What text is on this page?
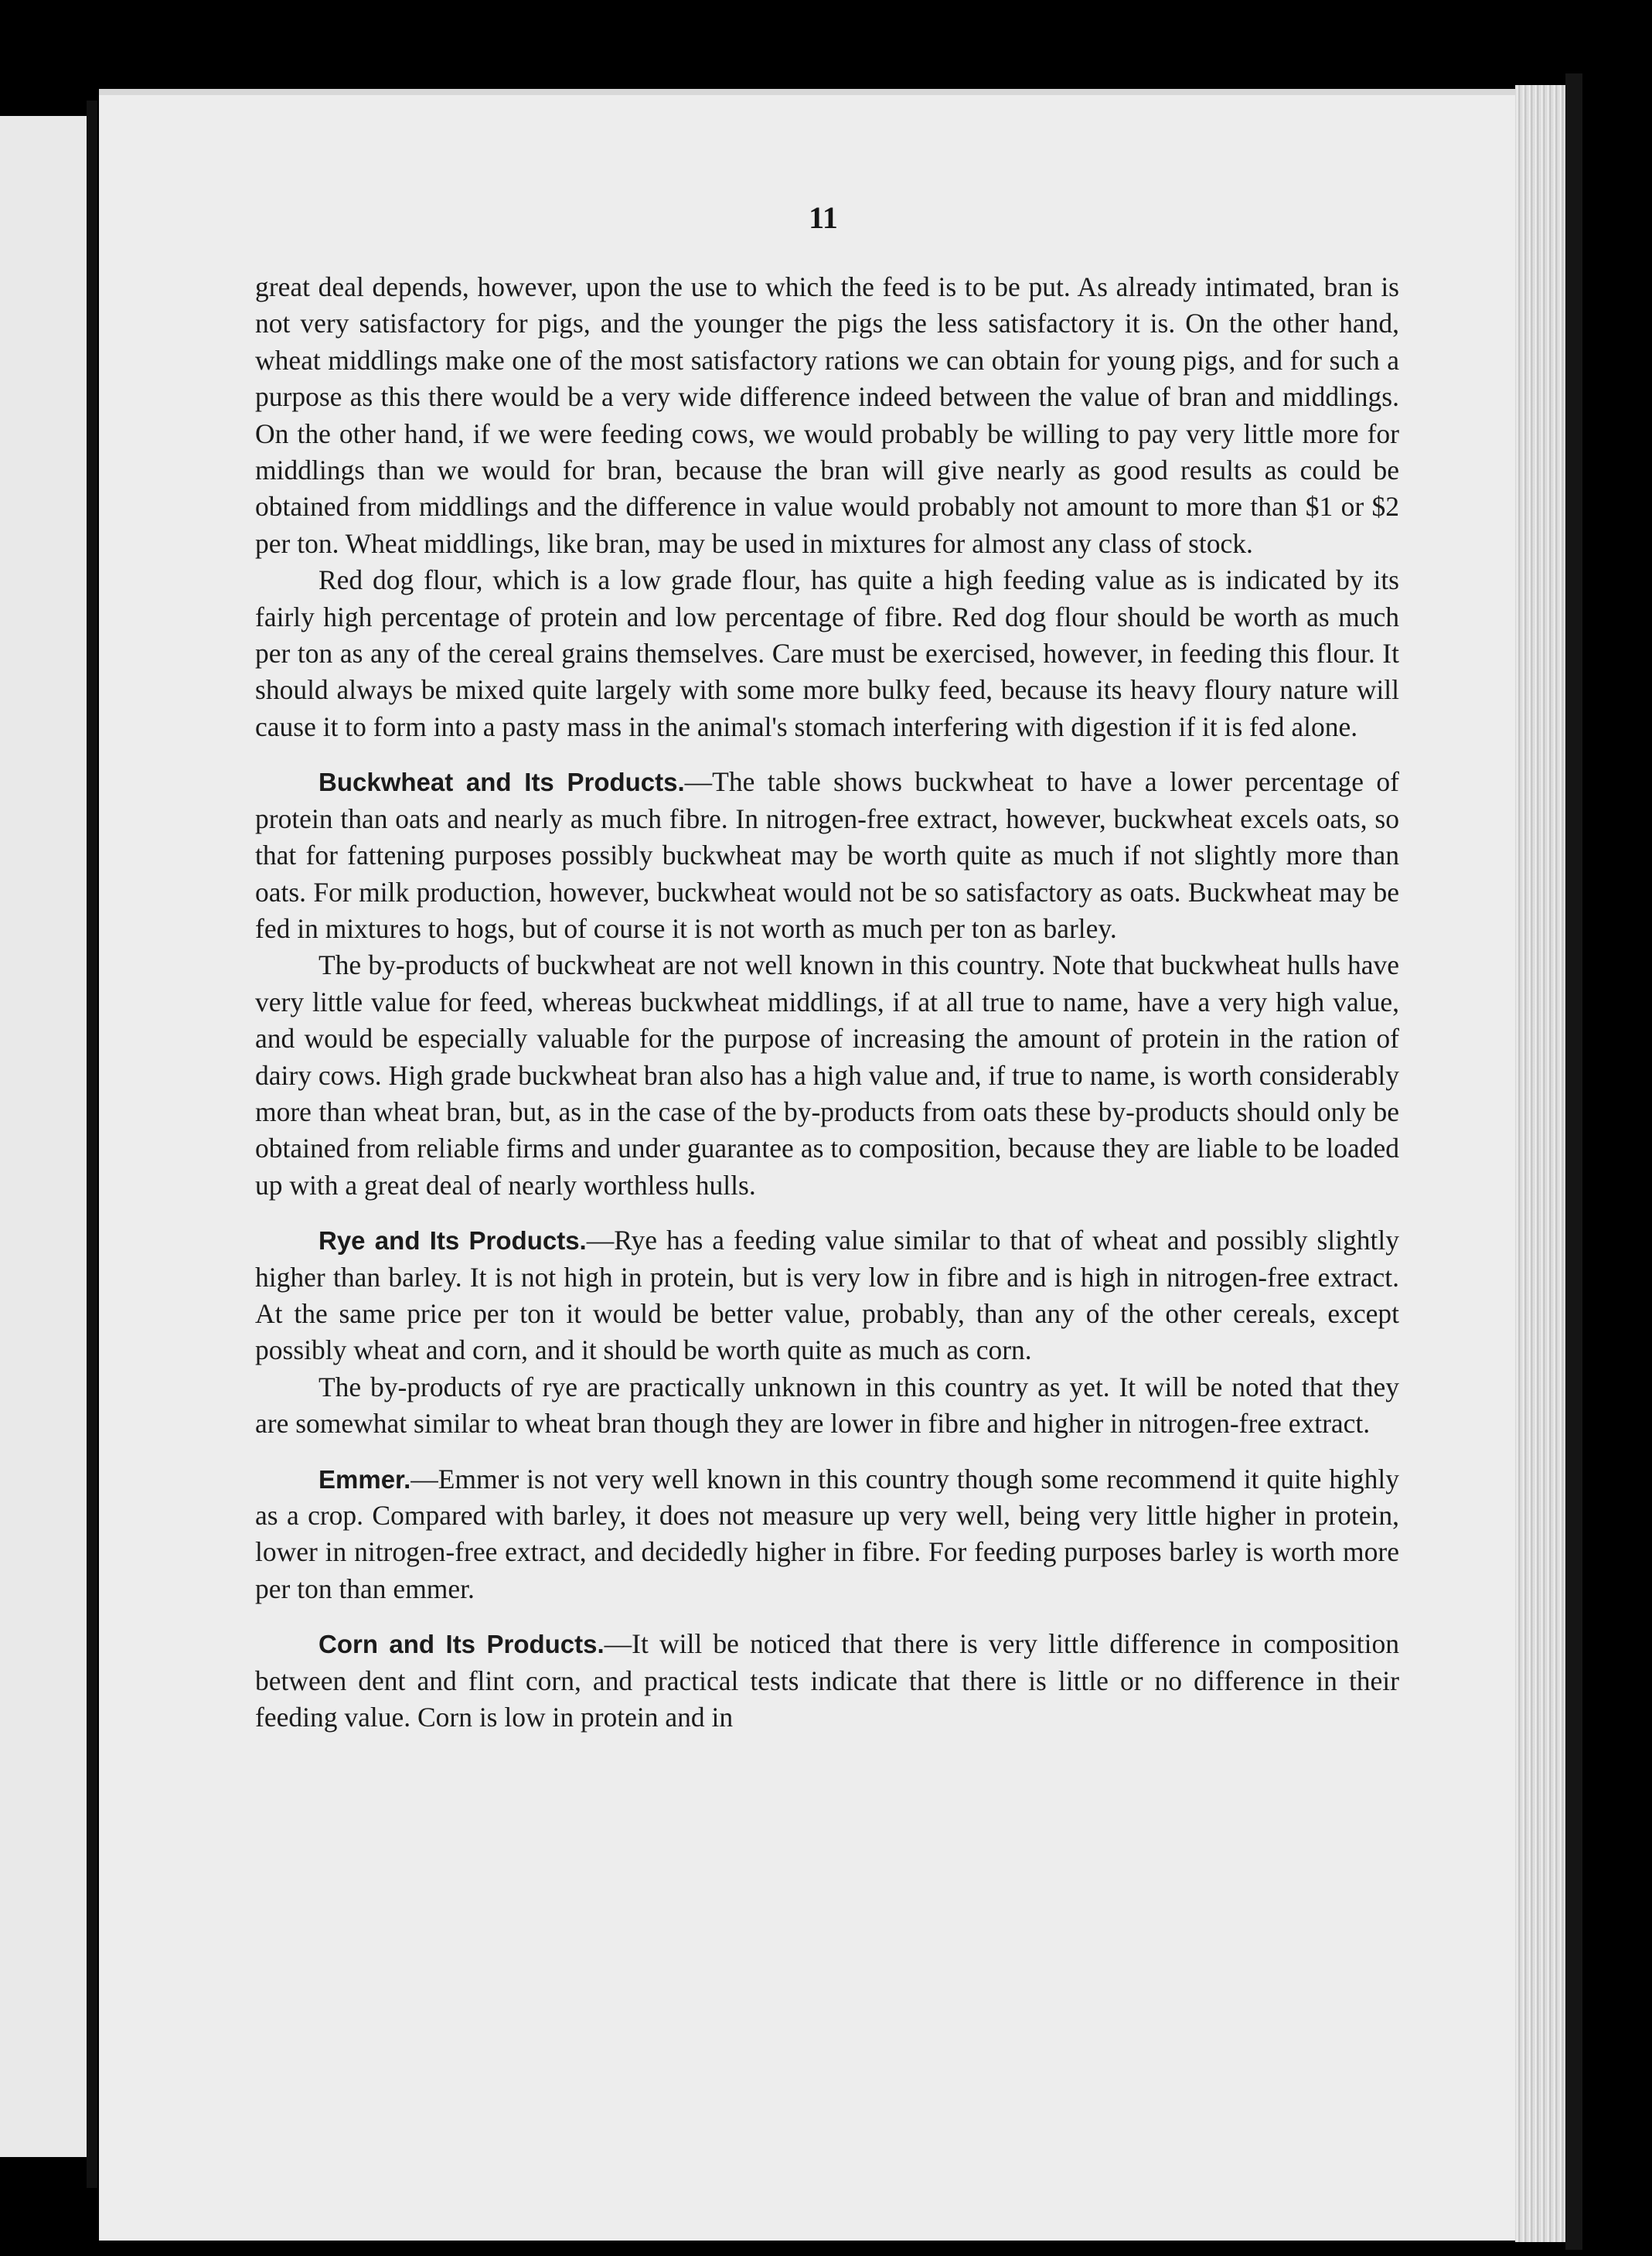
11

great deal depends, however, upon the use to which the feed is to be put. As already intimated, bran is not very satisfactory for pigs, and the younger the pigs the less satisfactory it is. On the other hand, wheat middlings make one of the most satisfactory rations we can obtain for young pigs, and for such a purpose as this there would be a very wide difference indeed between the value of bran and middlings. On the other hand, if we were feeding cows, we would probably be willing to pay very little more for middlings than we would for bran, because the bran will give nearly as good results as could be obtained from middlings and the difference in value would probably not amount to more than $1 or $2 per ton. Wheat middlings, like bran, may be used in mixtures for almost any class of stock.

Red dog flour, which is a low grade flour, has quite a high feeding value as is indicated by its fairly high percentage of protein and low percentage of fibre. Red dog flour should be worth as much per ton as any of the cereal grains themselves. Care must be exercised, however, in feeding this flour. It should always be mixed quite largely with some more bulky feed, because its heavy floury nature will cause it to form into a pasty mass in the animal's stomach interfering with digestion if it is fed alone.

Buckwheat and Its Products.—The table shows buckwheat to have a lower percentage of protein than oats and nearly as much fibre. In nitrogen-free extract, however, buckwheat excels oats, so that for fattening purposes possibly buckwheat may be worth quite as much if not slightly more than oats. For milk production, however, buckwheat would not be so satisfactory as oats. Buckwheat may be fed in mixtures to hogs, but of course it is not worth as much per ton as barley.

The by-products of buckwheat are not well known in this country. Note that buckwheat hulls have very little value for feed, whereas buckwheat middlings, if at all true to name, have a very high value, and would be especially valuable for the purpose of increasing the amount of protein in the ration of dairy cows. High grade buckwheat bran also has a high value and, if true to name, is worth considerably more than wheat bran, but, as in the case of the by-products from oats these by-products should only be obtained from reliable firms and under guarantee as to composition, because they are liable to be loaded up with a great deal of nearly worthless hulls.

Rye and Its Products.—Rye has a feeding value similar to that of wheat and possibly slightly higher than barley. It is not high in protein, but is very low in fibre and is high in nitrogen-free extract. At the same price per ton it would be better value, probably, than any of the other cereals, except possibly wheat and corn, and it should be worth quite as much as corn.

The by-products of rye are practically unknown in this country as yet. It will be noted that they are somewhat similar to wheat bran though they are lower in fibre and higher in nitrogen-free extract.

Emmer.—Emmer is not very well known in this country though some recommend it quite highly as a crop. Compared with barley, it does not measure up very well, being very little higher in protein, lower in nitrogen-free extract, and decidedly higher in fibre. For feeding purposes barley is worth more per ton than emmer.

Corn and Its Products.—It will be noticed that there is very little difference in composition between dent and flint corn, and practical tests indicate that there is little or no difference in their feeding value. Corn is low in protein and in
